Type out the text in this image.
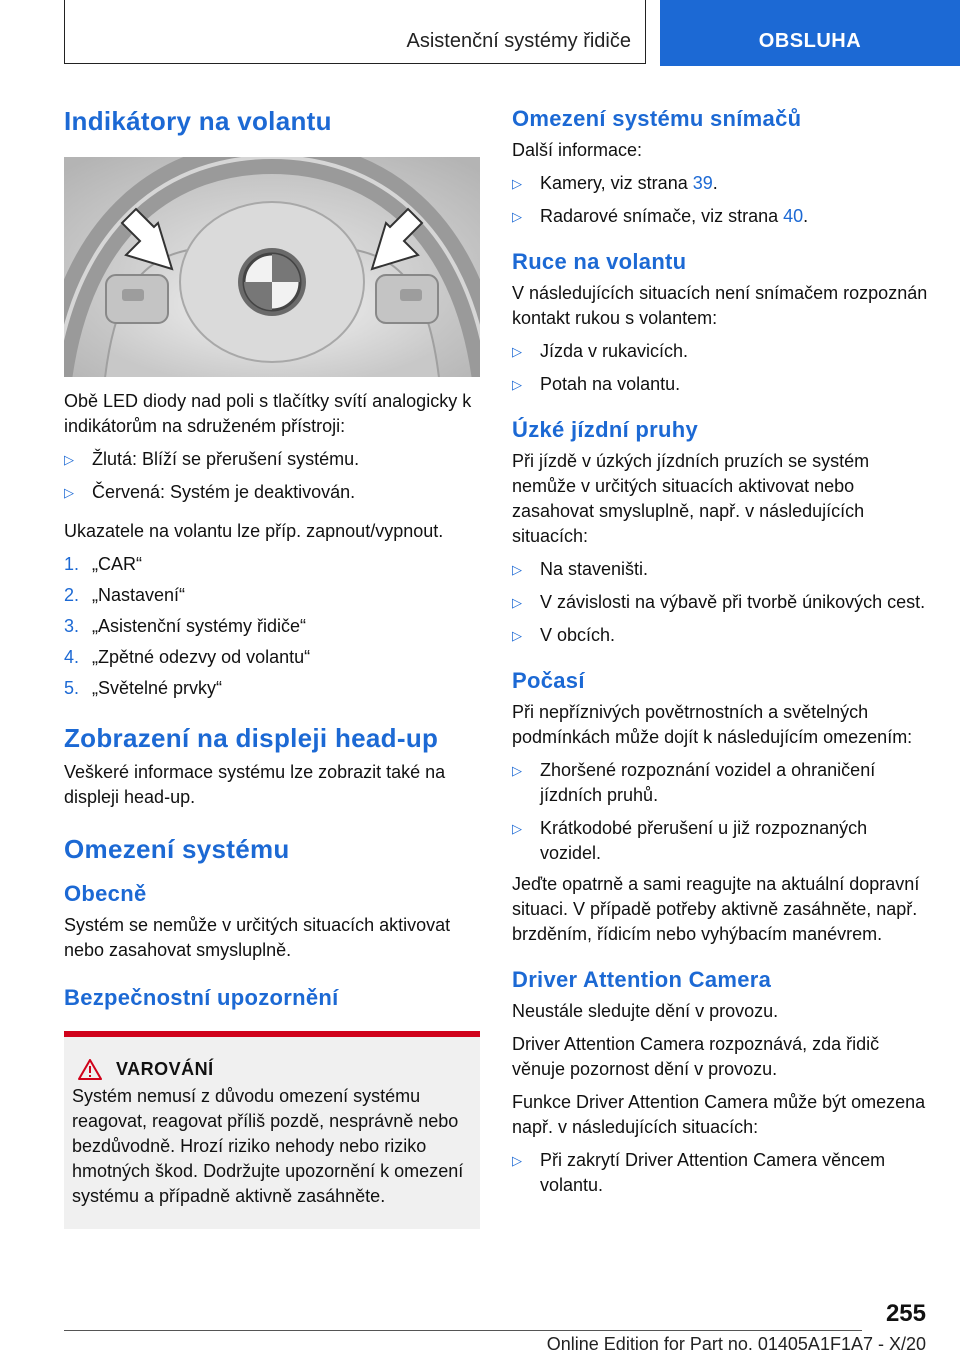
Asistenční systémy řidiče	OBSLUHA
Indikátory na volantu

Obě LED diody nad poli s tlačítky svítí analogicky k indikátorům na sdruženém přístroji:

▷ Žlutá: Blíží se přerušení systému.
▷ Červená: Systém je deaktivován.

Ukazatele na volantu lze příp. zapnout/vypnout.

1. „CAR“
2. „Nastavení“
3. „Asistenční systémy řidiče“
4. „Zpětné odezvy od volantu“
5. „Světelné prvky“
Zobrazení na displeji head-up

Veškeré informace systému lze zobrazit také na displeji head-up.

Omezení systému
Obecně

Systém se nemůže v určitých situacích aktivovat nebo zasahovat smysluplně.

Bezpečnostní upozornění
VAROVÁNÍ

Systém nemusí z důvodu omezení systému reagovat, reagovat příliš pozdě, nesprávně nebo bezdůvodně. Hrozí riziko nehody nebo riziko hmotných škod. Dodržujte upozornění k omezení systému a případně aktivně zasáhněte.

Omezení systému snímačů

Další informace:

▷ Kamery, viz strana 39.
▷ Radarové snímače, viz strana 40.
Ruce na volantu

V následujících situacích není snímačem rozpoznán kontakt rukou s volantem:

▷ Jízda v rukavicích.
▷ Potah na volantu.
Úzké jízdní pruhy

Při jízdě v úzkých jízdních pruzích se systém nemůže v určitých situacích aktivovat nebo zasahovat smysluplně, např. v následujících situacích:

▷ Na staveništi.
▷ V závislosti na výbavě při tvorbě únikových cest.
▷ V obcích.
Počasí

Při nepříznivých povětrnostních a světelných podmínkách může dojít k následujícím omezením:

▷ Zhoršené rozpoznání vozidel a ohraničení jízdních pruhů.
▷ Krátkodobé přerušení u již rozpoznaných vozidel.

Jeďte opatrně a sami reagujte na aktuální dopravní situaci. V případě potřeby aktivně zasáhněte, např. brzděním, řídicím nebo vyhýbacím manévrem.

Driver Attention Camera

Neustále sledujte dění v provozu.

Driver Attention Camera rozpoznává, zda řidič věnuje pozornost dění v provozu.

Funkce Driver Attention Camera může být omezena např. v následujících situacích:

▷ Při zakrytí Driver Attention Camera věncem volantu.
255
Online Edition for Part no. 01405A1F1A7 - X/20
